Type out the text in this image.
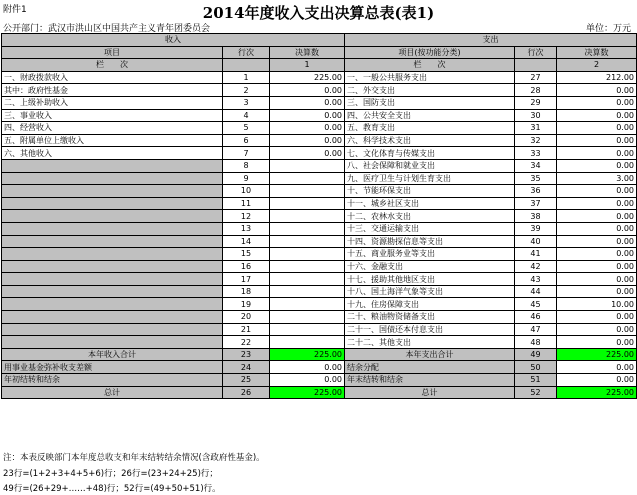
附件1	2014年度收入支出决算总表(表1)
公开部门：武汉市洪山区中国共产主义青年团委员会	单位：万元
收入			支出		
项目	行次	决算数	项目(按功能分类)	行次	决算数
栏　　次		1	栏　　次		2
一、财政拨款收入	1	225.00	一、一般公共服务支出	27	212.00
其中：政府性基金	2	0.00	二、外交支出	28	0.00
二、上级补助收入	3	0.00	三、国防支出	29	0.00
三、事业收入	4	0.00	四、公共安全支出	30	0.00
四、经营收入	5	0.00	五、教育支出	31	0.00
五、附属单位上缴收入	6	0.00	六、科学技术支出	32	0.00
六、其他收入	7	0.00	七、文化体育与传媒支出	33	0.00
	8		八、社会保障和就业支出	34	0.00
	9		九、医疗卫生与计划生育支出	35	3.00
	10		十、节能环保支出	36	0.00
	11		十一、城乡社区支出	37	0.00
	12		十二、农林水支出	38	0.00
	13		十三、交通运输支出	39	0.00
	14		十四、资源勘探信息等支出	40	0.00
	15		十五、商业服务业等支出	41	0.00
	16		十六、金融支出	42	0.00
	17		十七、援助其他地区支出	43	0.00
	18		十八、国土海洋气象等支出	44	0.00
	19		十九、住房保障支出	45	10.00
	20		二十、粮油物资储备支出	46	0.00
	21		二十一、国债还本付息支出	47	0.00
	22		二十二、其他支出	48	0.00
本年收入合计	23	225.00	本年支出合计	49	225.00
用事业基金弥补收支差额	24	0.00	结余分配	50	0.00
年初结转和结余	25	0.00	年末结转和结余	51	0.00
总计	26	225.00	总计	52	225.00
注：本表反映部门本年度总收支和年末结转结余情况(含政府性基金)。
23行=(1+2+3+4+5+6)行；26行=(23+24+25)行；
49行=(26+29+……+48)行；52行=(49+50+51)行。
